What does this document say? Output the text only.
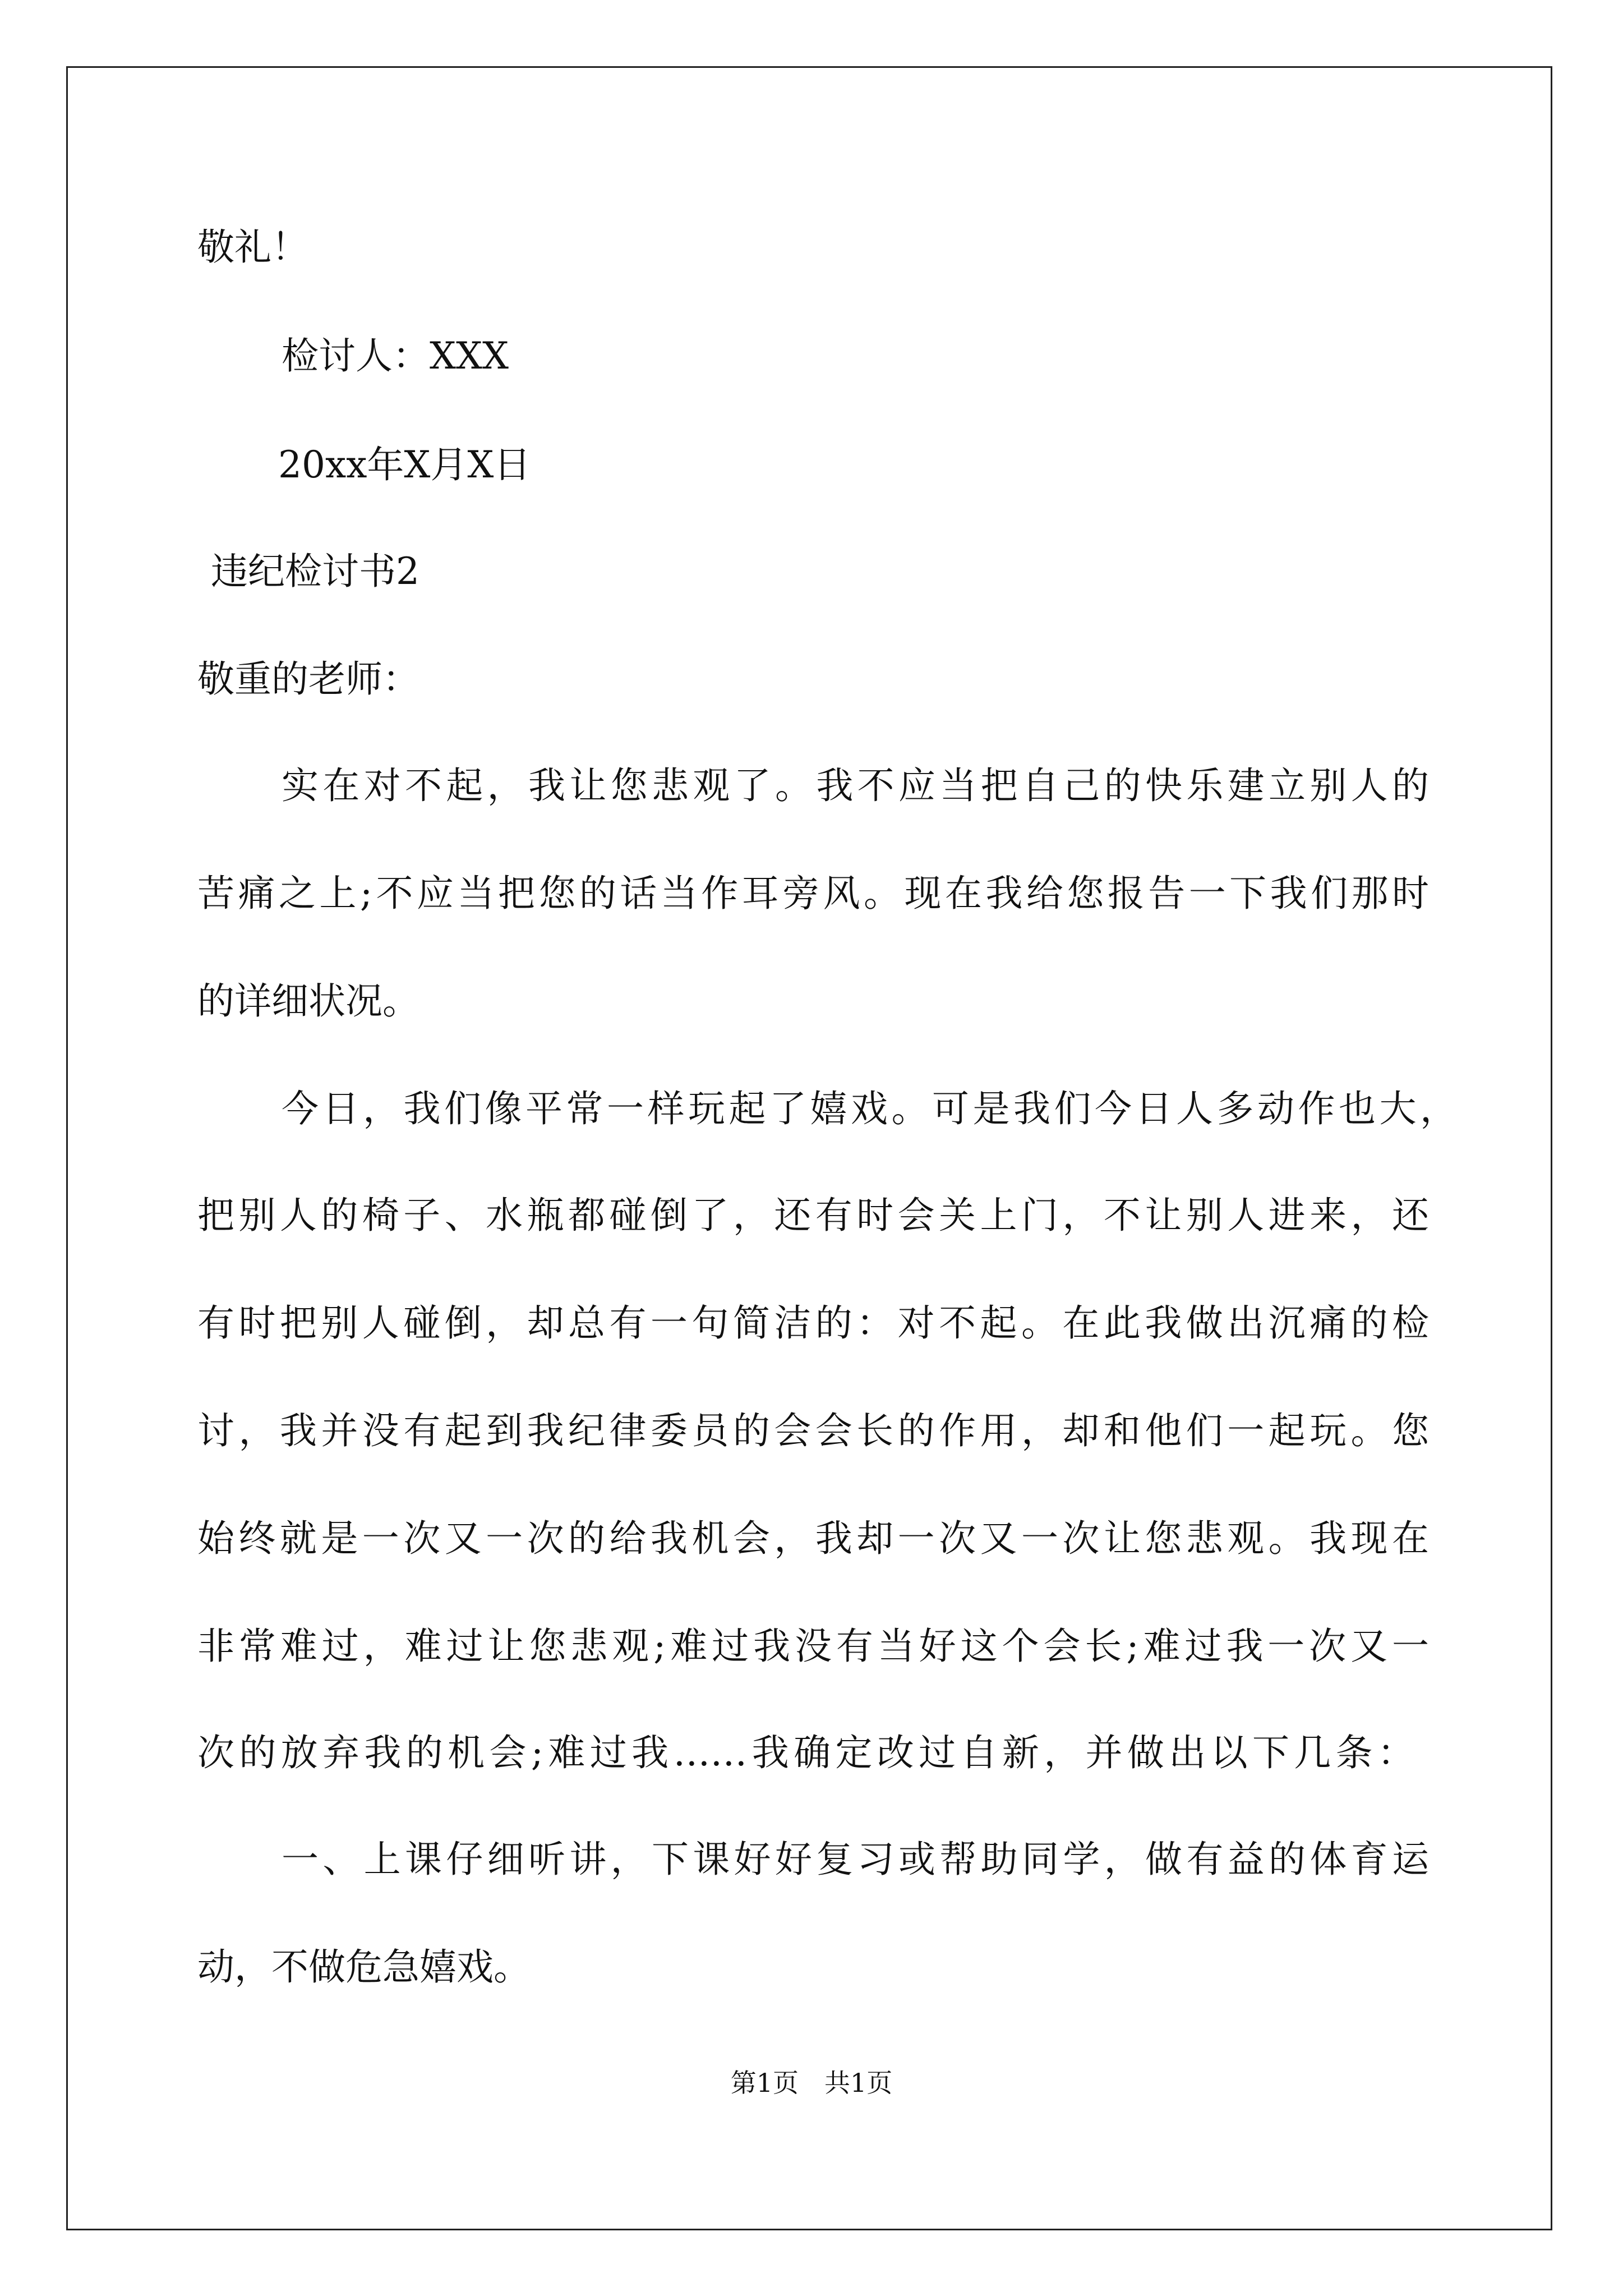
敬礼！
检讨人：XXX
20xx年X月X日
违纪检讨书2
敬重的老师：
实在对不起，我让您悲观了。我不应当把自己的快乐建立别人的
苦痛之上;不应当把您的话当作耳旁风。现在我给您报告一下我们那时
的详细状况。
今日，我们像平常一样玩起了嬉戏。可是我们今日人多动作也大，
把别人的椅子、水瓶都碰倒了，还有时会关上门，不让别人进来，还
有时把别人碰倒，却总有一句简洁的：对不起。在此我做出沉痛的检
讨，我并没有起到我纪律委员的会会长的作用，却和他们一起玩。您
始终就是一次又一次的给我机会，我却一次又一次让您悲观。我现在
非常难过，难过让您悲观;难过我没有当好这个会长;难过我一次又一
次的放弃我的机会;难过我……我确定改过自新，并做出以下几条：
一、上课仔细听讲，下课好好复习或帮助同学，做有益的体育运
动，不做危急嬉戏。
第1页　共1页
